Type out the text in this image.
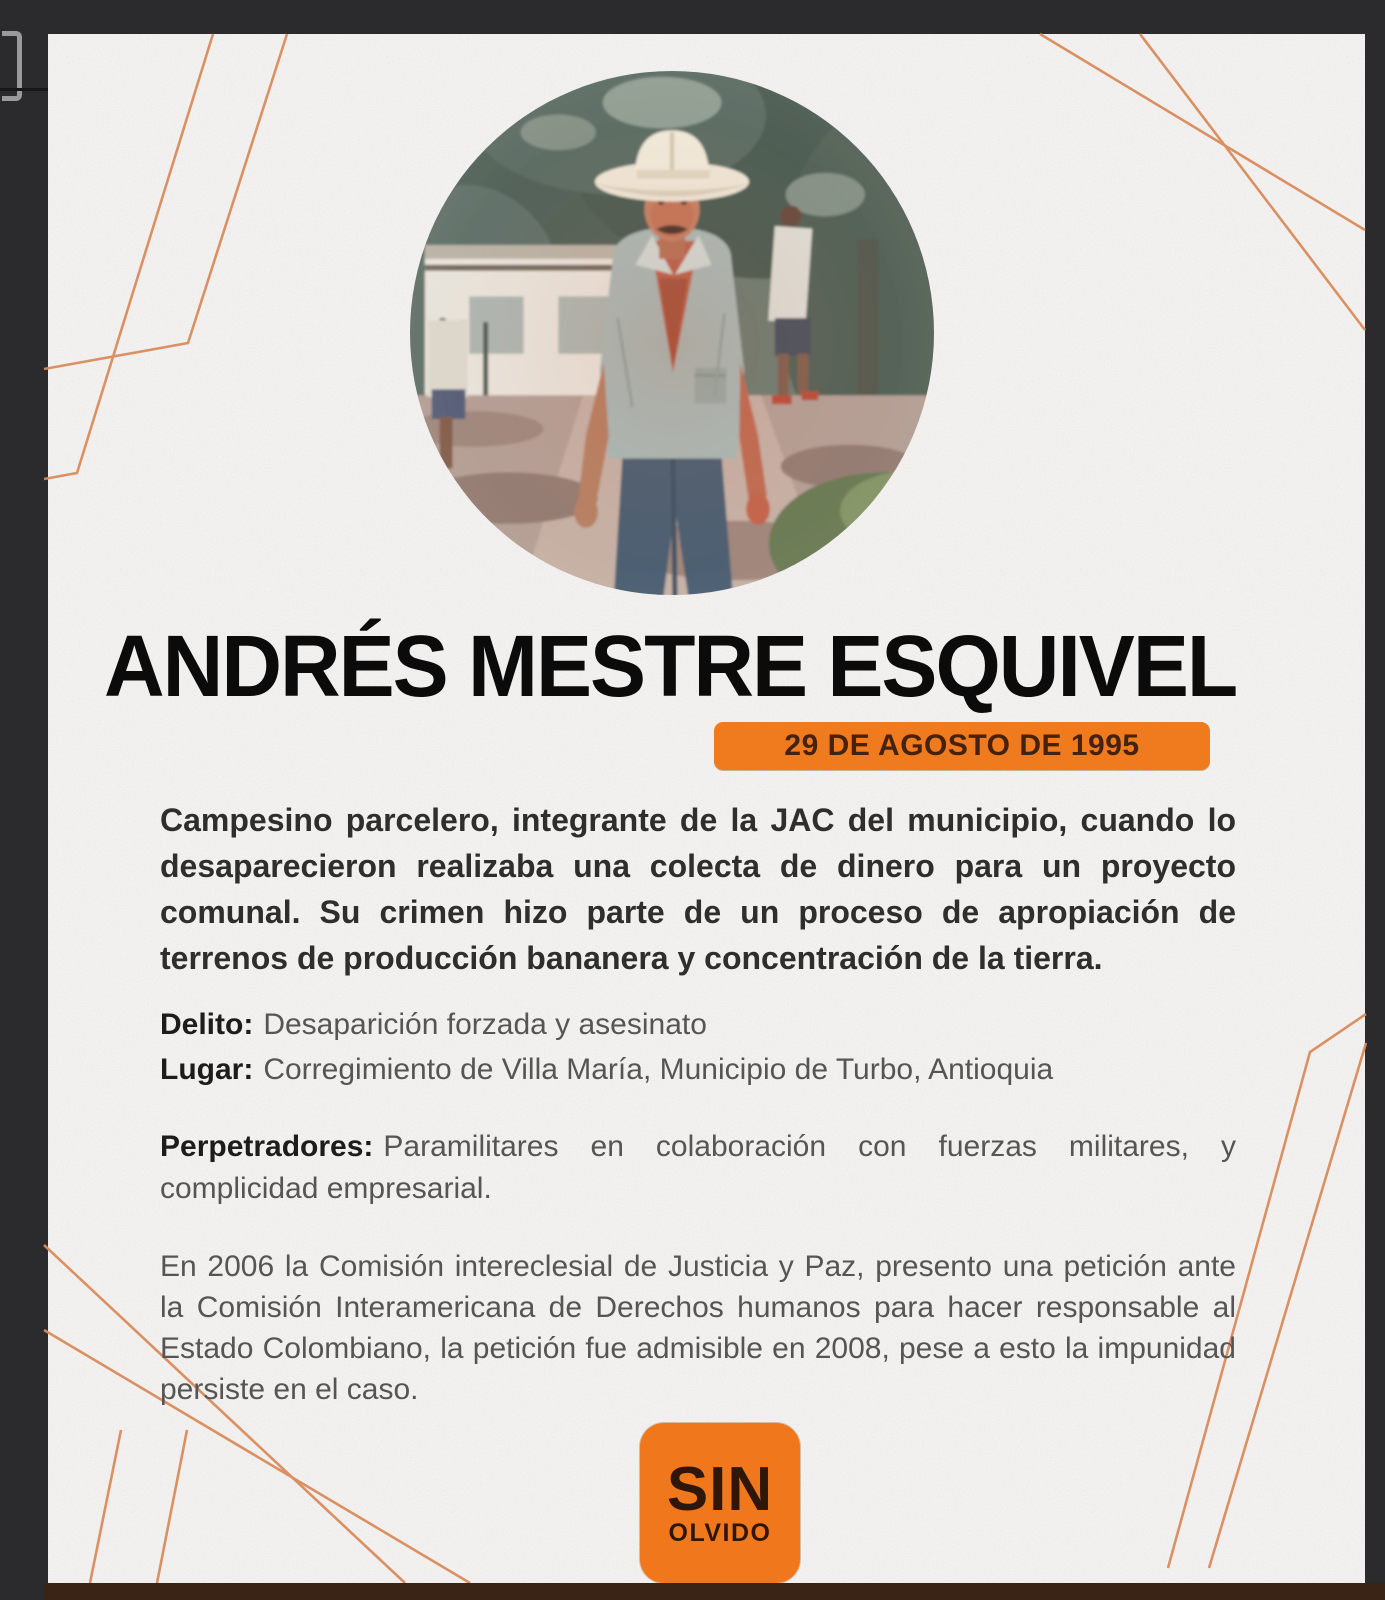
ANDRÉS MESTRE ESQUIVEL
29 DE AGOSTO DE 1995

Campesino parcelero, integrante de la JAC del municipio, cuando lo desaparecieron realizaba una colecta de dinero para un proyecto comunal. Su crimen hizo parte de un proceso de apropiación de terrenos de producción bananera y concentración de la tierra.

Delito: Desaparición forzada y asesinato

Lugar: Corregimiento de Villa María, Municipio de Turbo, Antioquia

Perpetradores: Paramilitares en colaboración con fuerzas militares, y complicidad empresarial.

En 2006 la Comisión intereclesial de Justicia y Paz, presento una petición ante la Comisión Interamericana de Derechos humanos para hacer responsable al Estado Colombiano, la petición fue admisible en 2008, pese a esto la impunidad persiste en el caso.

SIN
OLVIDO
